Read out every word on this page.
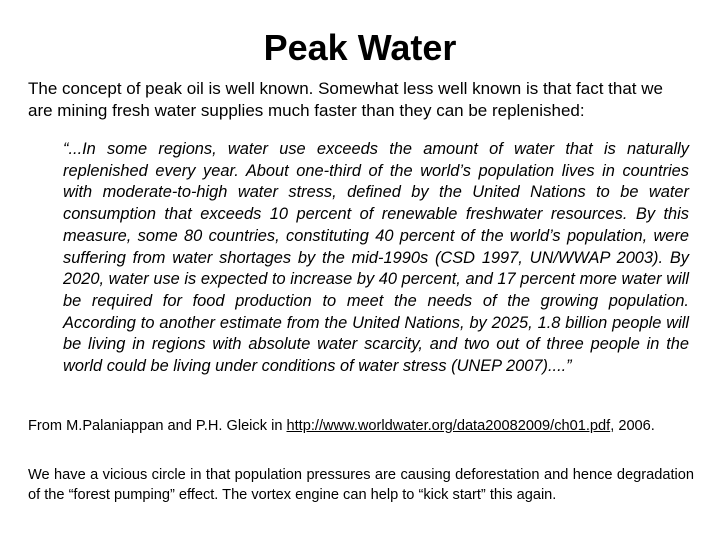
Peak Water

The concept of peak oil is well known. Somewhat less well known is that fact that we are mining fresh water supplies much faster than they can be replenished:

“...In some regions, water use exceeds the amount of water that is naturally replenished every year. About one-third of the world’s population lives in countries with moderate-to-high water stress, defined by the United Nations to be water consumption that exceeds 10 percent of renewable freshwater resources. By this measure, some 80 countries, constituting 40 percent of the world’s population, were suffering from water shortages by the mid-1990s (CSD 1997, UN/WWAP 2003). By 2020, water use is expected to increase by 40 percent, and 17 percent more water will be required for food production to meet the needs of the growing population. According to another estimate from the United Nations, by 2025, 1.8 billion people will be living in regions with absolute water scarcity, and two out of three people in the world could be living under conditions of water stress (UNEP 2007)....”

From M.Palaniappan and P.H. Gleick in http://www.worldwater.org/data20082009/ch01.pdf, 2006.

We have a vicious circle in that population pressures are causing deforestation and hence degradation of the “forest pumping” effect. The vortex engine can help to “kick start” this again.
